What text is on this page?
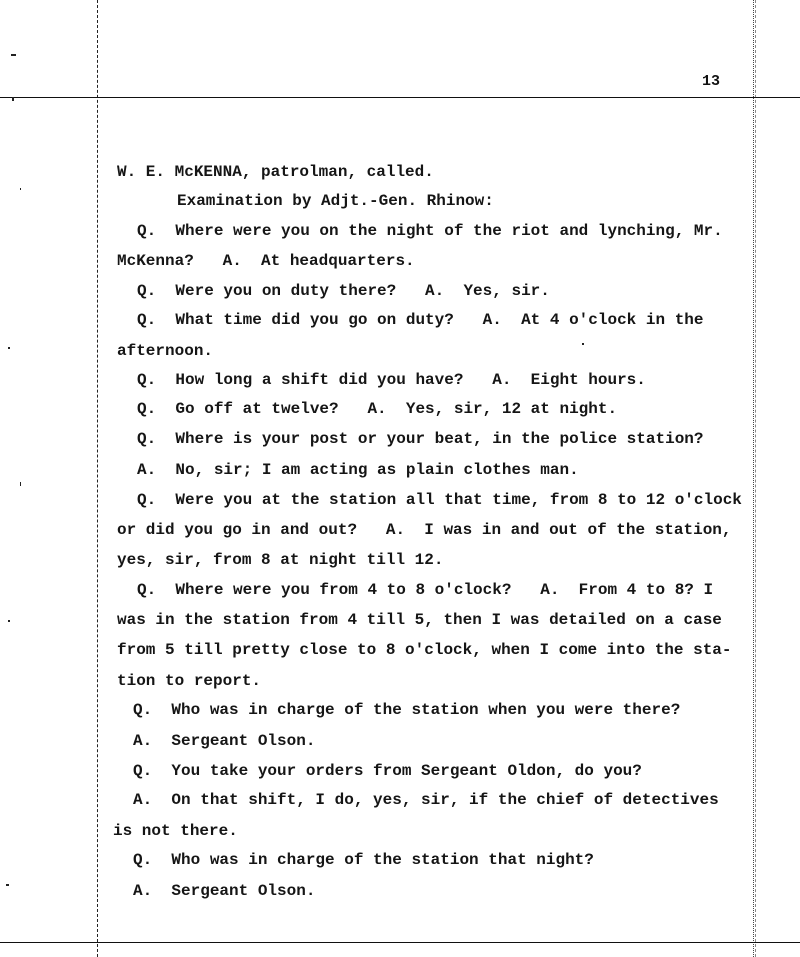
13
W. E. McKENNA, patrolman, called.
Examination by Adjt.-Gen. Rhinow:
Q.  Where were you on the night of the riot and lynching, Mr.
McKenna?   A.  At headquarters.
Q.  Were you on duty there?   A.  Yes, sir.
Q.  What time did you go on duty?   A.  At 4 o'clock in the
afternoon.
Q.  How long a shift did you have?   A.  Eight hours.
Q.  Go off at twelve?   A.  Yes, sir, 12 at night.
Q.  Where is your post or your beat, in the police station?
A.  No, sir; I am acting as plain clothes man.
Q.  Were you at the station all that time, from 8 to 12 o'clock
or did you go in and out?   A.  I was in and out of the station,
yes, sir, from 8 at night till 12.
Q.  Where were you from 4 to 8 o'clock?   A.  From 4 to 8? I
was in the station from 4 till 5, then I was detailed on a case
from 5 till pretty close to 8 o'clock, when I come into the sta-
tion to report.
Q.  Who was in charge of the station when you were there?
A.  Sergeant Olson.
Q.  You take your orders from Sergeant Oldon, do you?
A.  On that shift, I do, yes, sir, if the chief of detectives
is not there.
Q.  Who was in charge of the station that night?
A.  Sergeant Olson.
